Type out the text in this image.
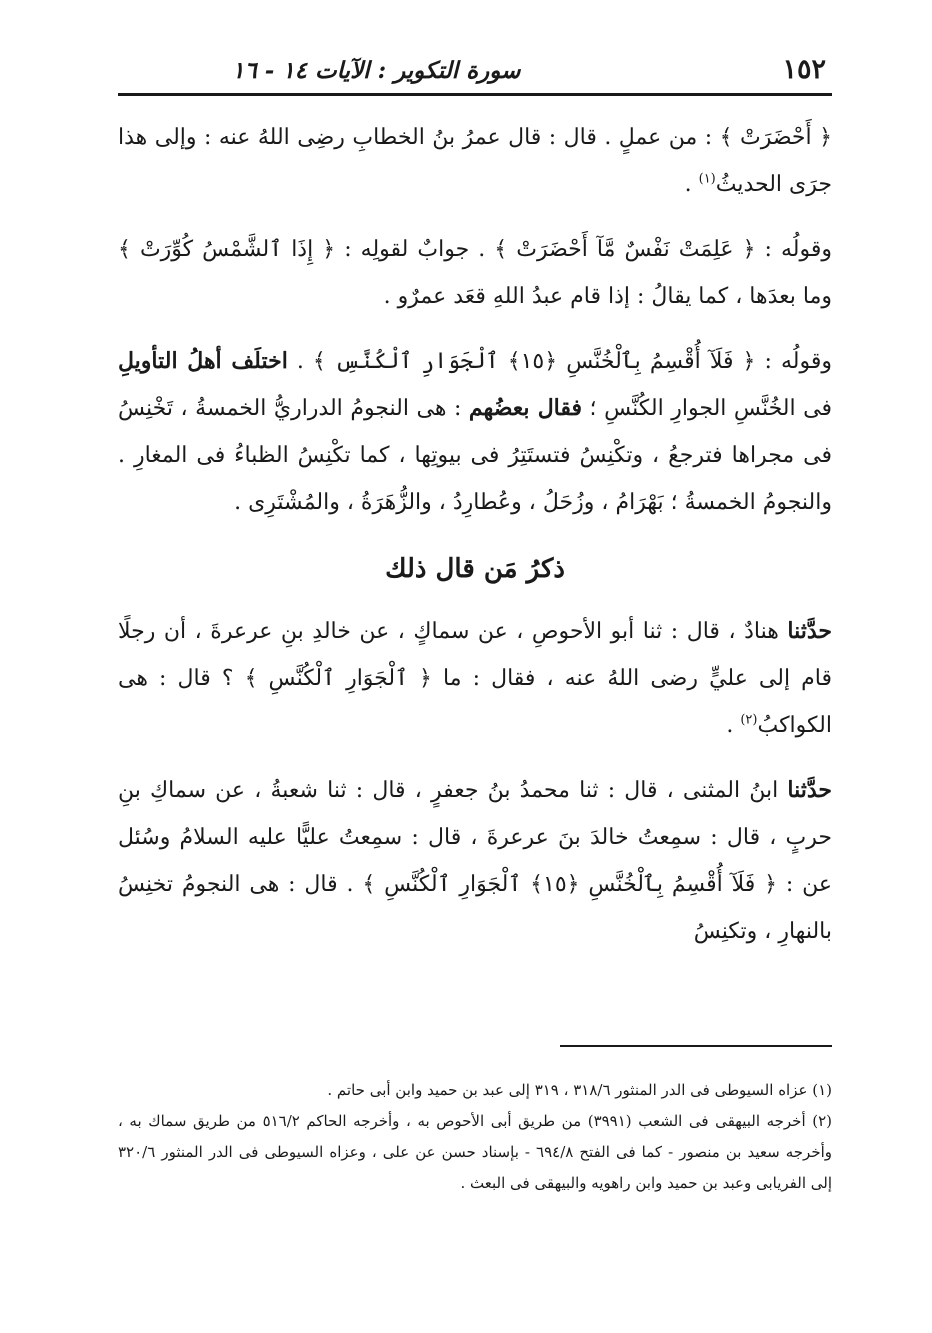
١٥٢
سورة التكوير : الآيات ١٤ - ١٦

﴿ أَحْضَرَتْ ﴾ : من عملٍ . قال : قال عمرُ بنُ الخطابِ رضِى اللهُ عنه : وإلى هذا جرَى الحديثُ$^{(١)}$ .

وقولُه : ﴿ عَلِمَتْ نَفْسٌ مَّآ أَحْضَرَتْ ﴾ . جوابٌ لقولِه : ﴿ إِذَا ٱلشَّمْسُ كُوِّرَتْ ﴾ وما بعدَها ، كما يقالُ : إذا قام عبدُ اللهِ قعَد عمرٌو .

وقولُه : ﴿ فَلَآ أُقْسِمُ بِٱلْخُنَّسِ ﴿١٥﴾ ٱلْجَوَارِ ٱلْكُنَّسِ ﴾ . اختلَف أهلُ التأويلِ فى الخُنَّسِ الجوارِ الكُنَّسِ ؛ فقال بعضُهم : هى النجومُ الدراريُّ الخمسةُ ، تَخْنِسُ فى مجراها فترجعُ ، وتكْنِسُ فتستَتِرُ فى بيوتِها ، كما تكْنِسُ الظباءُ فى المغارِ . والنجومُ الخمسةُ ؛ بَهْرَامُ ، وزُحَلُ ، وعُطارِدُ ، والزُّهَرَةُ ، والمُشْتَرِى .

ذكرُ مَن قال ذلك

حدَّثنا هنادٌ ، قال : ثنا أبو الأحوصِ ، عن سماكٍ ، عن خالدِ بنِ عرعرةَ ، أن رجلًا قام إلى عليٍّ رضى اللهُ عنه ، فقال : ما ﴿ ٱلْجَوَارِ ٱلْكُنَّسِ ﴾ ؟ قال : هى الكواكبُ$^{(٢)}$ .

حدَّثنا ابنُ المثنى ، قال : ثنا محمدُ بنُ جعفرٍ ، قال : ثنا شعبةُ ، عن سماكِ بنِ حربٍ ، قال : سمِعتُ خالدَ بنَ عرعرةَ ، قال : سمِعتُ عليًّا عليه السلامُ وسُئل عن : ﴿ فَلَآ أُقْسِمُ بِٱلْخُنَّسِ ﴿١٥﴾ ٱلْجَوَارِ ٱلْكُنَّسِ ﴾ . قال : هى النجومُ تخنِسُ بالنهارِ ، وتكنِسُ

(١) عزاه السيوطى فى الدر المنثور ٣١٨/٦ ، ٣١٩ إلى عبد بن حميد وابن أبى حاتم .

(٢) أخرجه البيهقى فى الشعب (٣٩٩١) من طريق أبى الأحوص به ، وأخرجه الحاكم ٥١٦/٢ من طريق سماك به ، وأخرجه سعيد بن منصور - كما فى الفتح ٦٩٤/٨ - بإسناد حسن عن على ، وعزاه السيوطى فى الدر المنثور ٣٢٠/٦ إلى الفريابى وعبد بن حميد وابن راهويه والبيهقى فى البعث .
